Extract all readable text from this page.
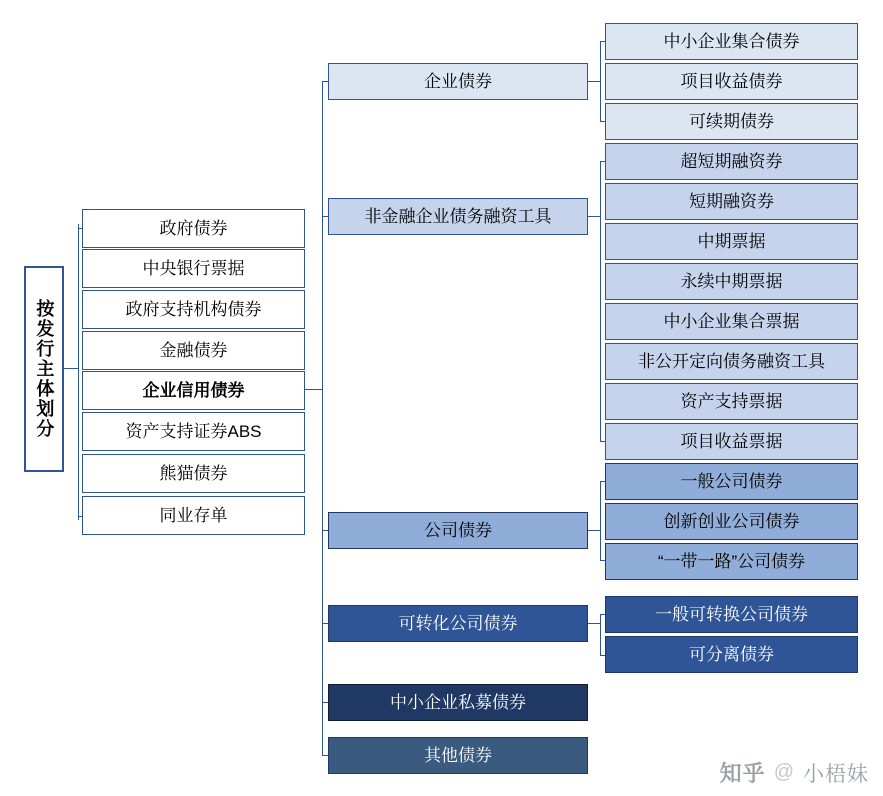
按发行主体划分
政府债券
中央银行票据
政府支持机构债券
金融债券
企业信用债券
资产支持证券ABS
熊猫债券
同业存单
企业债券
非金融企业债务融资工具
公司债券
可转化公司债券
中小企业私募债券
其他债券
中小企业集合债券
项目收益债券
可续期债券
超短期融资券
短期融资券
中期票据
永续中期票据
中小企业集合票据
非公开定向债务融资工具
资产支持票据
项目收益票据
一般公司债券
创新创业公司债券
“一带一路”公司债券
一般可转换公司债券
可分离债券
知乎 @ 小梧妹
